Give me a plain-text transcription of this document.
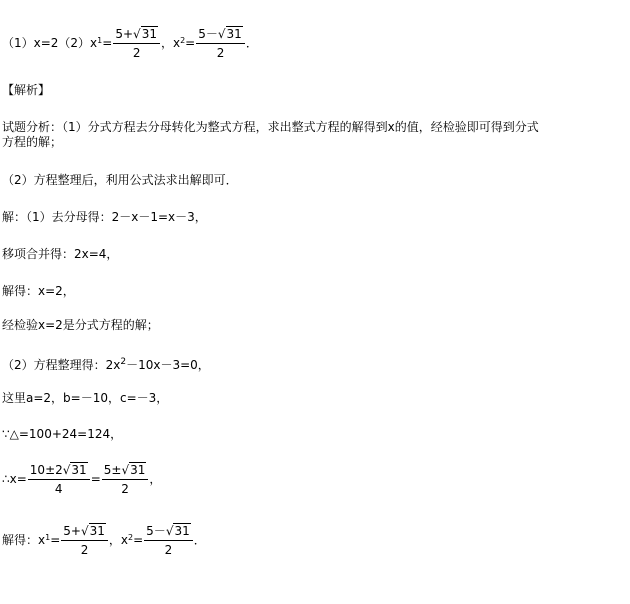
$(1)x=2(2)x^1= \frac{5+√31}{2}$ ，$x^2= \frac{5-√31}{2}$ ．
【解析】
试题分析：（1）分式方程去分母转化为整式方程，求出整式方程的解得到x的值，经检验即可得到分式
方程的解；
（2）方程整理后，利用公式法求出解即可．
解：（1）去分母得：2－x－1=x－3，
移项合并得：2x=4，
解得：x=2，
经检验x=2是分式方程的解；
（2）方程整理得：$2x^2-10x-3=0$，
这里a=2，b=－10，c=－3，
∵△=100+24=124，
∴x= $\frac{10\pm 2√31}{4} = \frac{5\pm√31}{2}$ ，
解得：$x^1= \frac{5+√31}{2}$ ，$x^2= \frac{5-√31}{2}$ ．
